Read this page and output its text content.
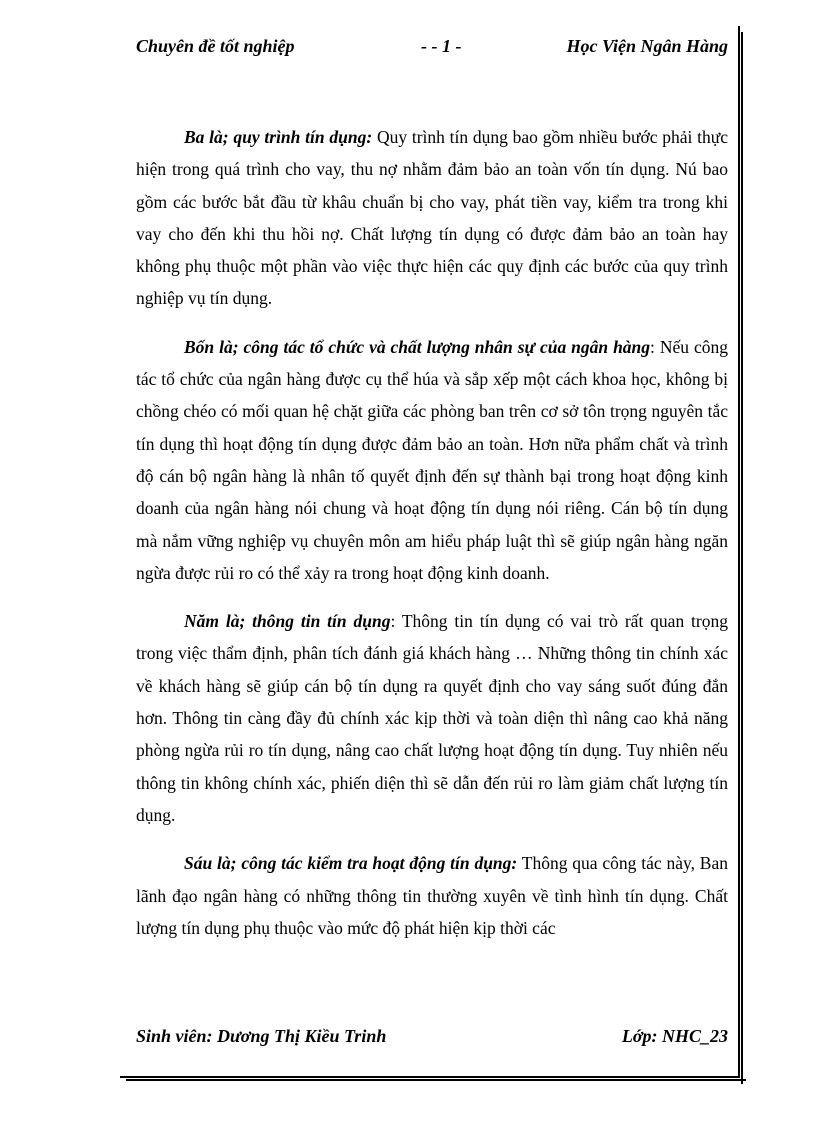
Chuyên đề tốt nghiệp	- - 1 -	Học Viện Ngân Hàng

Ba là; quy trình tín dụng: Quy trình tín dụng bao gồm nhiều bước phải thực hiện trong quá trình cho vay, thu nợ nhằm đảm bảo an toàn vốn tín dụng. Nú bao gồm các bước bắt đầu từ khâu chuẩn bị cho vay, phát tiền vay, kiểm tra trong khi vay cho đến khi thu hồi nợ. Chất lượng tín dụng có được đảm bảo an toàn hay không phụ thuộc một phần vào việc thực hiện các quy định các bước của quy trình nghiệp vụ tín dụng.

Bốn là; công tác tổ chức và chất lượng nhân sự của ngân hàng: Nếu công tác tổ chức của ngân hàng được cụ thể húa và sắp xếp một cách khoa học, không bị chồng chéo có mối quan hệ chặt giữa các phòng ban trên cơ sở tôn trọng nguyên tắc tín dụng thì hoạt động tín dụng được đảm bảo an toàn. Hơn nữa phẩm chất và trình độ cán bộ ngân hàng là nhân tố quyết định đến sự thành bại trong hoạt động kinh doanh của ngân hàng nói chung và hoạt động tín dụng nói riêng. Cán bộ tín dụng mà nắm vững nghiệp vụ chuyên môn am hiểu pháp luật thì sẽ giúp ngân hàng ngăn ngừa được rủi ro có thể xảy ra trong hoạt động kinh doanh.

Năm là; thông tin tín dụng: Thông tin tín dụng có vai trò rất quan trọng trong việc thẩm định, phân tích đánh giá khách hàng … Những thông tin chính xác về khách hàng sẽ giúp cán bộ tín dụng ra quyết định cho vay sáng suốt đúng đắn hơn. Thông tin càng đầy đủ chính xác kịp thời và toàn diện thì nâng cao khả năng phòng ngừa rủi ro tín dụng, nâng cao chất lượng hoạt động tín dụng. Tuy nhiên nếu thông tin không chính xác, phiến diện thì sẽ dẫn đến rủi ro làm giảm chất lượng tín dụng.

Sáu là; công tác kiểm tra hoạt động tín dụng: Thông qua công tác này, Ban lãnh đạo ngân hàng có những thông tin thường xuyên về tình hình tín dụng. Chất lượng tín dụng phụ thuộc vào mức độ phát hiện kịp thời các

Sinh viên: Dương Thị Kiều Trinh	Lớp: NHC_23
